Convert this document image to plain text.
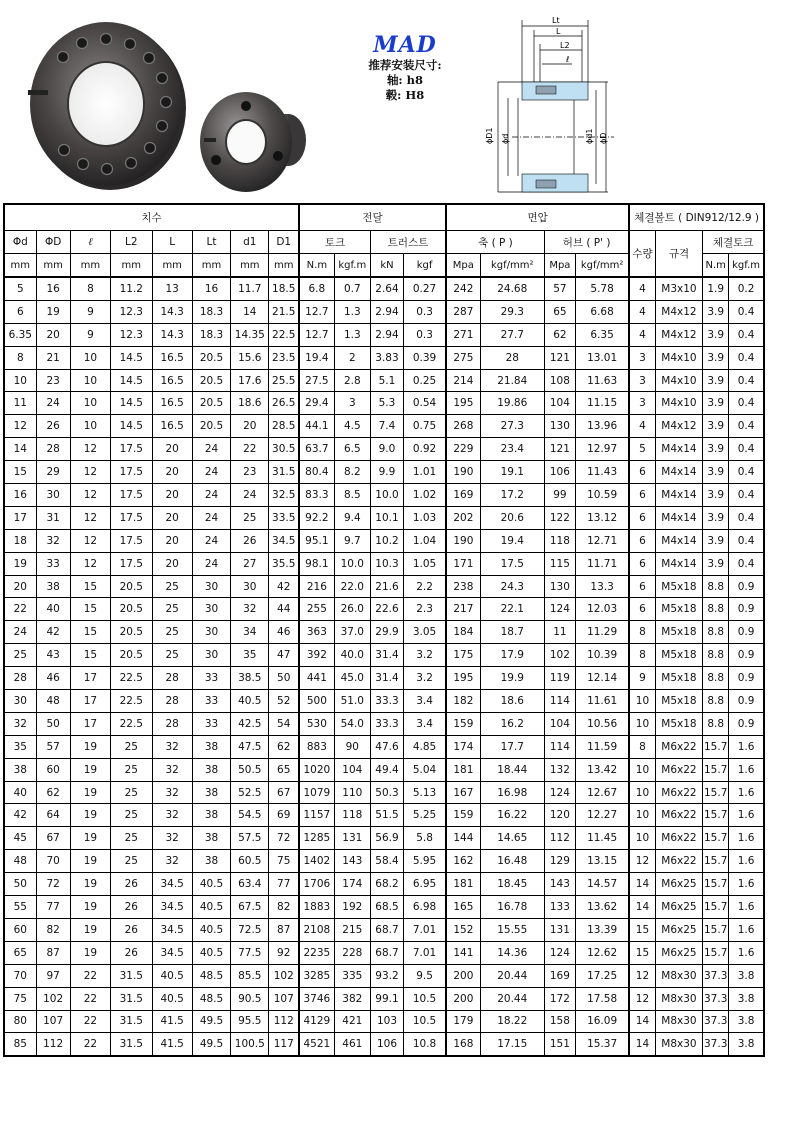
MAD
推荐安装尺寸:
轴: h8
毂: H8
Lt
L
L2
ℓ
ϕD1 ϕd	ϕd1 ϕD
치수								전달				면압				체결볼트 ( DIN912/12.9 )			
Φd	ΦD	ℓ	L2	L	Lt	d1	D1	토크		트러스트		축 ( P )		허브 ( P' )		수량	규격	체결토크	
mm	mm	mm	mm	mm	mm	mm	mm	N.m	kgf.m	kN	kgf	Mpa	kgf/mm²	Mpa	kgf/mm²			N.m	kgf.m
5	16	8	11.2	13	16	11.7	18.5	6.8	0.7	2.64	0.27	242	24.68	57	5.78	4	M3x10	1.9	0.2
6	19	9	12.3	14.3	18.3	14	21.5	12.7	1.3	2.94	0.3	287	29.3	65	6.68	4	M4x12	3.9	0.4
6.35	20	9	12.3	14.3	18.3	14.35	22.5	12.7	1.3	2.94	0.3	271	27.7	62	6.35	4	M4x12	3.9	0.4
8	21	10	14.5	16.5	20.5	15.6	23.5	19.4	2	3.83	0.39	275	28	121	13.01	3	M4x10	3.9	0.4
10	23	10	14.5	16.5	20.5	17.6	25.5	27.5	2.8	5.1	0.25	214	21.84	108	11.63	3	M4x10	3.9	0.4
11	24	10	14.5	16.5	20.5	18.6	26.5	29.4	3	5.3	0.54	195	19.86	104	11.15	3	M4x10	3.9	0.4
12	26	10	14.5	16.5	20.5	20	28.5	44.1	4.5	7.4	0.75	268	27.3	130	13.96	4	M4x12	3.9	0.4
14	28	12	17.5	20	24	22	30.5	63.7	6.5	9.0	0.92	229	23.4	121	12.97	5	M4x14	3.9	0.4
15	29	12	17.5	20	24	23	31.5	80.4	8.2	9.9	1.01	190	19.1	106	11.43	6	M4x14	3.9	0.4
16	30	12	17.5	20	24	24	32.5	83.3	8.5	10.0	1.02	169	17.2	99	10.59	6	M4x14	3.9	0.4
17	31	12	17.5	20	24	25	33.5	92.2	9.4	10.1	1.03	202	20.6	122	13.12	6	M4x14	3.9	0.4
18	32	12	17.5	20	24	26	34.5	95.1	9.7	10.2	1.04	190	19.4	118	12.71	6	M4x14	3.9	0.4
19	33	12	17.5	20	24	27	35.5	98.1	10.0	10.3	1.05	171	17.5	115	11.71	6	M4x14	3.9	0.4
20	38	15	20.5	25	30	30	42	216	22.0	21.6	2.2	238	24.3	130	13.3	6	M5x18	8.8	0.9
22	40	15	20.5	25	30	32	44	255	26.0	22.6	2.3	217	22.1	124	12.03	6	M5x18	8.8	0.9
24	42	15	20.5	25	30	34	46	363	37.0	29.9	3.05	184	18.7	11	11.29	8	M5x18	8.8	0.9
25	43	15	20.5	25	30	35	47	392	40.0	31.4	3.2	175	17.9	102	10.39	8	M5x18	8.8	0.9
28	46	17	22.5	28	33	38.5	50	441	45.0	31.4	3.2	195	19.9	119	12.14	9	M5x18	8.8	0.9
30	48	17	22.5	28	33	40.5	52	500	51.0	33.3	3.4	182	18.6	114	11.61	10	M5x18	8.8	0.9
32	50	17	22.5	28	33	42.5	54	530	54.0	33.3	3.4	159	16.2	104	10.56	10	M5x18	8.8	0.9
35	57	19	25	32	38	47.5	62	883	90	47.6	4.85	174	17.7	114	11.59	8	M6x22	15.7	1.6
38	60	19	25	32	38	50.5	65	1020	104	49.4	5.04	181	18.44	132	13.42	10	M6x22	15.7	1.6
40	62	19	25	32	38	52.5	67	1079	110	50.3	5.13	167	16.98	124	12.67	10	M6x22	15.7	1.6
42	64	19	25	32	38	54.5	69	1157	118	51.5	5.25	159	16.22	120	12.27	10	M6x22	15.7	1.6
45	67	19	25	32	38	57.5	72	1285	131	56.9	5.8	144	14.65	112	11.45	10	M6x22	15.7	1.6
48	70	19	25	32	38	60.5	75	1402	143	58.4	5.95	162	16.48	129	13.15	12	M6x22	15.7	1.6
50	72	19	26	34.5	40.5	63.4	77	1706	174	68.2	6.95	181	18.45	143	14.57	14	M6x25	15.7	1.6
55	77	19	26	34.5	40.5	67.5	82	1883	192	68.5	6.98	165	16.78	133	13.62	14	M6x25	15.7	1.6
60	82	19	26	34.5	40.5	72.5	87	2108	215	68.7	7.01	152	15.55	131	13.39	15	M6x25	15.7	1.6
65	87	19	26	34.5	40.5	77.5	92	2235	228	68.7	7.01	141	14.36	124	12.62	15	M6x25	15.7	1.6
70	97	22	31.5	40.5	48.5	85.5	102	3285	335	93.2	9.5	200	20.44	169	17.25	12	M8x30	37.3	3.8
75	102	22	31.5	40.5	48.5	90.5	107	3746	382	99.1	10.5	200	20.44	172	17.58	12	M8x30	37.3	3.8
80	107	22	31.5	41.5	49.5	95.5	112	4129	421	103	10.5	179	18.22	158	16.09	14	M8x30	37.3	3.8
85	112	22	31.5	41.5	49.5	100.5	117	4521	461	106	10.8	168	17.15	151	15.37	14	M8x30	37.3	3.8
